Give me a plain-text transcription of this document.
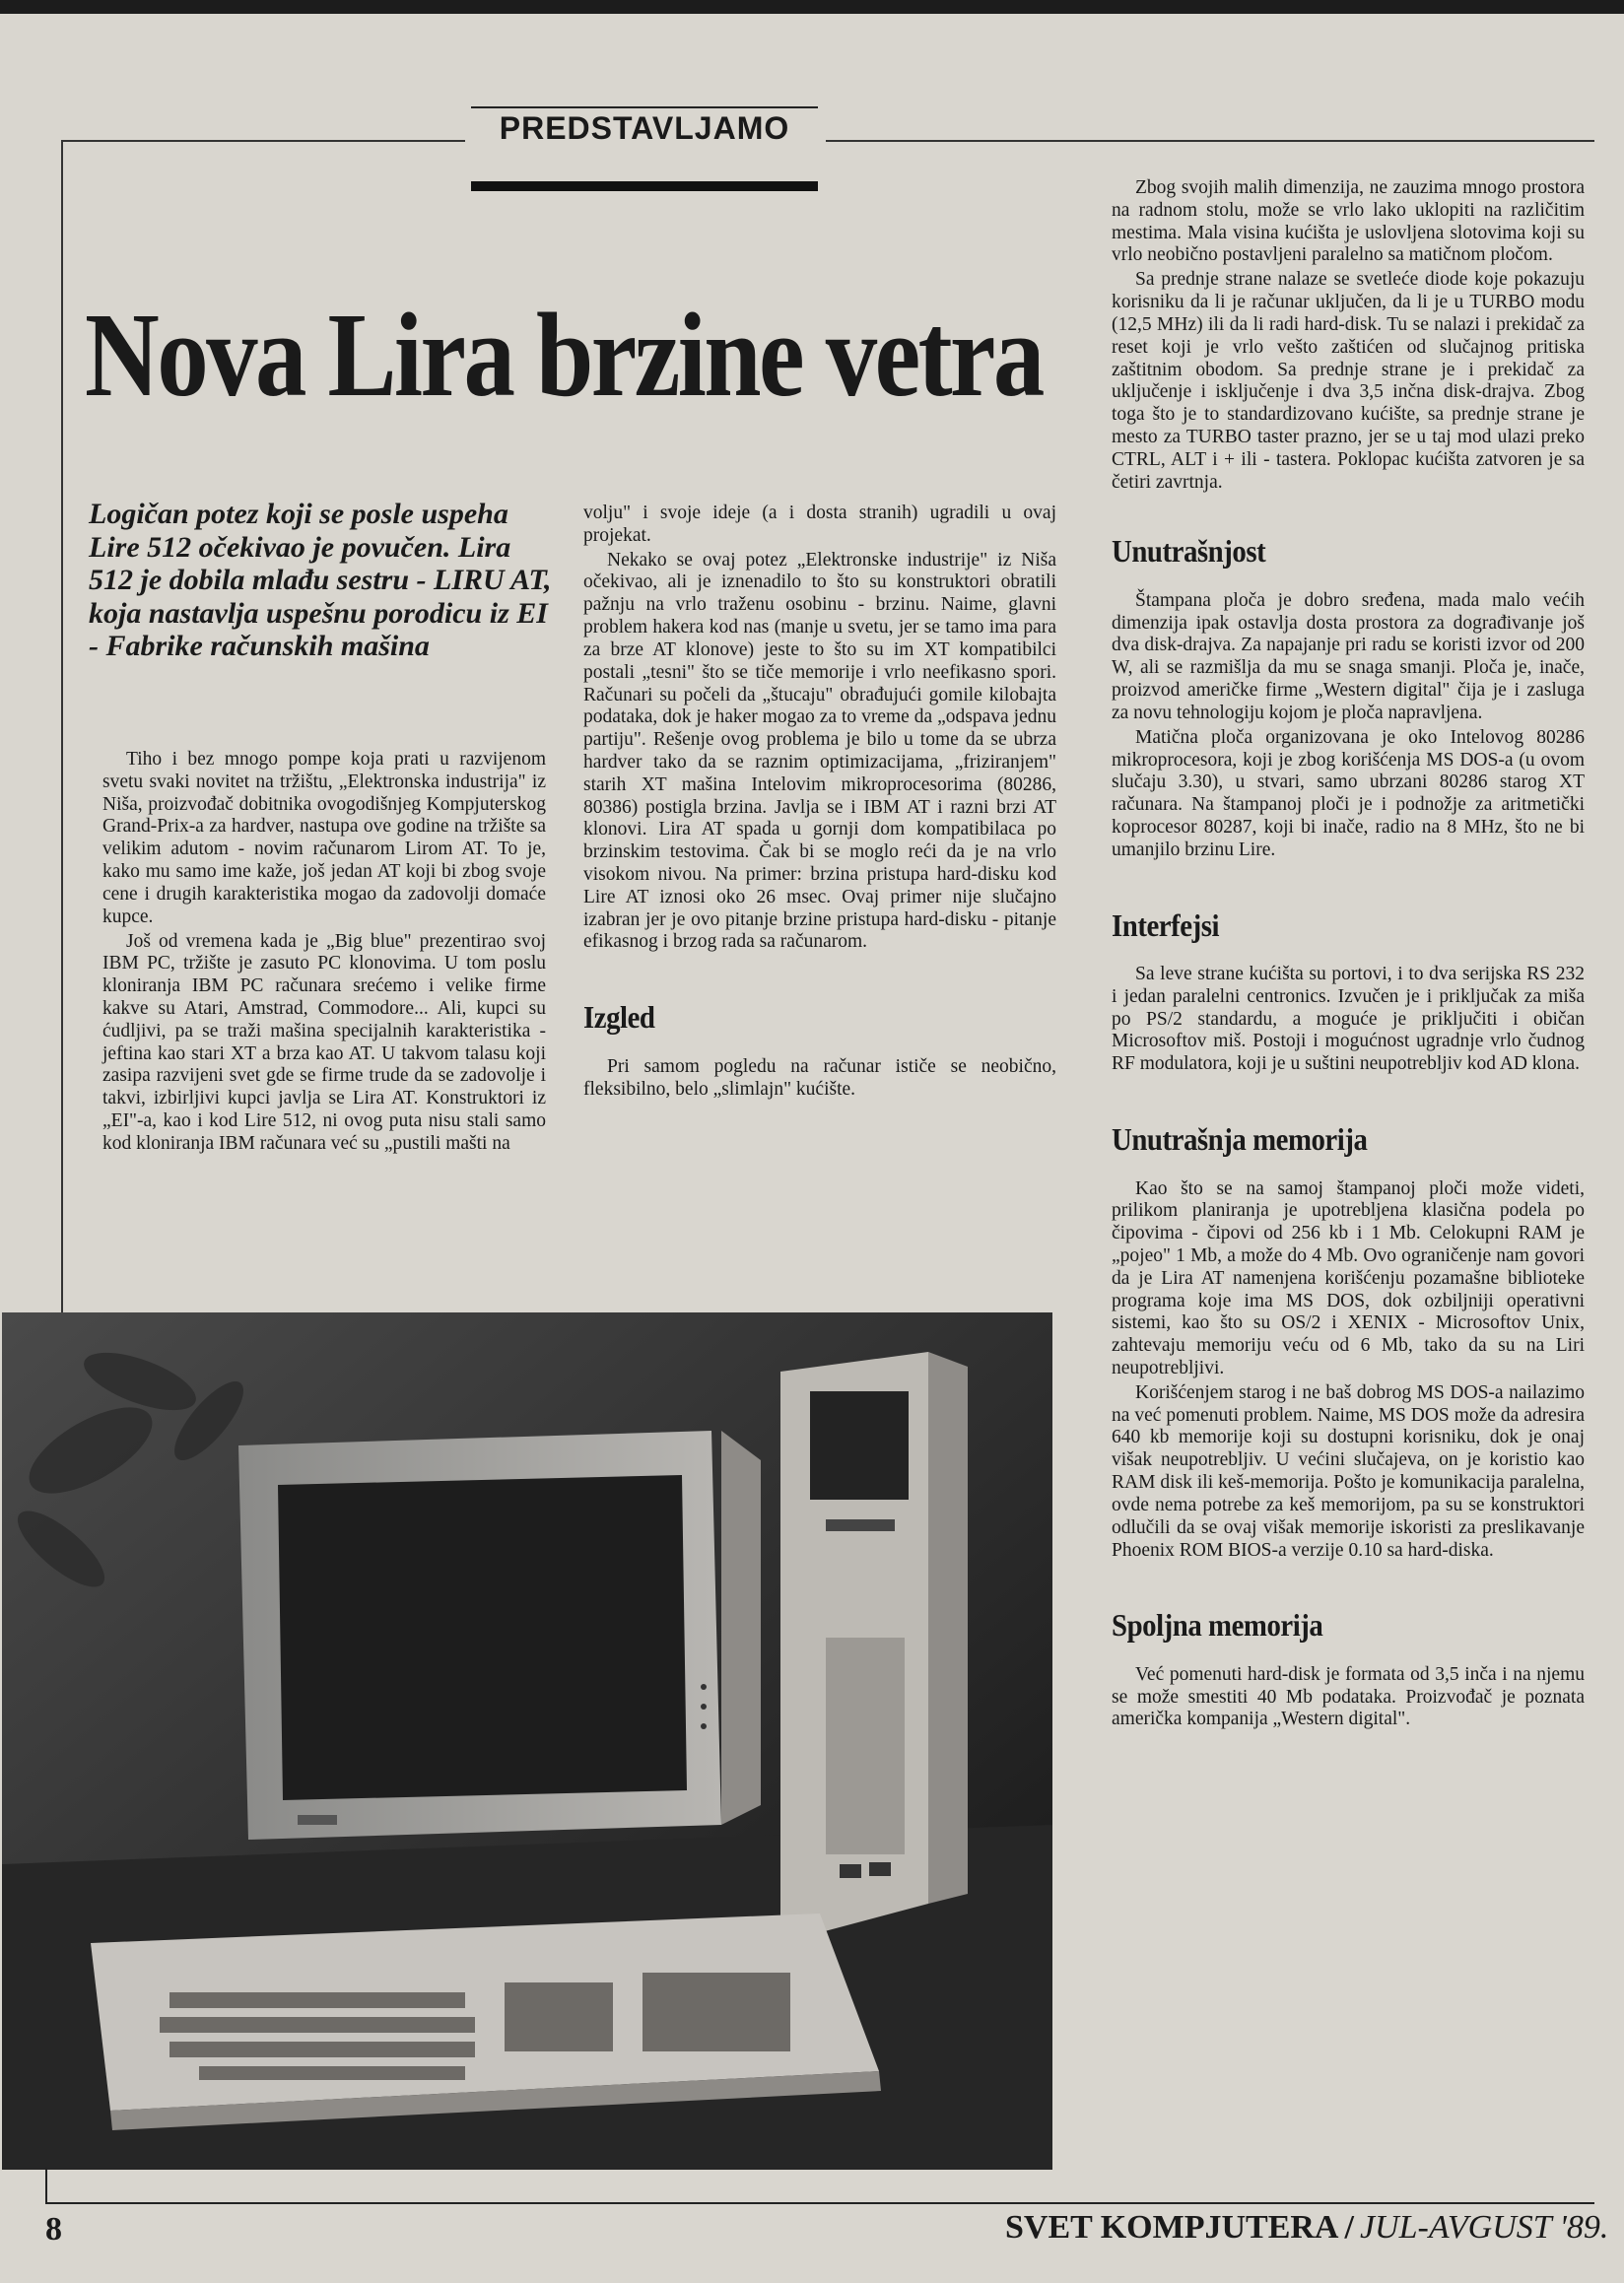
PREDSTAVLJAMO
Nova Lira brzine vetra
Logičan potez koji se posle uspeha Lire 512 očekivao je povučen. Lira 512 je dobila mlađu sestru - LIRU AT, koja nastavlja uspešnu porodicu iz EI - Fabrike računskih mašina

Tiho i bez mnogo pompe koja prati u razvijenom svetu svaki novitet na tržištu, „Elektronska industrija" iz Niša, proizvođač dobitnika ovogodišnjeg Kompjuterskog Grand-Prix-a za hardver, nastupa ove godine na tržište sa velikim adutom - novim računarom Lirom AT. To je, kako mu samo ime kaže, još jedan AT koji bi zbog svoje cene i drugih karakteristika mogao da zadovolji domaće kupce.

Još od vremena kada je „Big blue" prezentirao svoj IBM PC, tržište je zasuto PC klonovima. U tom poslu kloniranja IBM PC računara srećemo i velike firme kakve su Atari, Amstrad, Commodore... Ali, kupci su ćudljivi, pa se traži mašina specijalnih karakteristika - jeftina kao stari XT a brza kao AT. U takvom talasu koji zasipa razvijeni svet gde se firme trude da se zadovolje i takvi, izbirljivi kupci javlja se Lira AT. Konstruktori iz „EI"-a, kao i kod Lire 512, ni ovog puta nisu stali samo kod kloniranja IBM računara već su „pustili mašti na

volju" i svoje ideje (a i dosta stranih) ugradili u ovaj projekat.

Nekako se ovaj potez „Elektronske industrije" iz Niša očekivao, ali je iznenadilo to što su konstruktori obratili pažnju na vrlo traženu osobinu - brzinu. Naime, glavni problem hakera kod nas (manje u svetu, jer se tamo ima para za brze AT klonove) jeste to što su im XT kompatibilci postali „tesni" što se tiče memorije i vrlo neefikasno spori. Računari su počeli da „štucaju" obrađujući gomile kilobajta podataka, dok je haker mogao za to vreme da „odspava jednu partiju". Rešenje ovog problema je bilo u tome da se ubrza hardver tako da se raznim optimizacijama, „friziranjem" starih XT mašina Intelovim mikroprocesorima (80286, 80386) postigla brzina. Javlja se i IBM AT i razni brzi AT klonovi. Lira AT spada u gornji dom kompatibilaca po brzinskim testovima. Čak bi se moglo reći da je na vrlo visokom nivou. Na primer: brzina pristupa hard-disku kod Lire AT iznosi oko 26 msec. Ovaj primer nije slučajno izabran jer je ovo pitanje brzine pristupa hard-disku - pitanje efikasnog i brzog rada sa računarom.

Izgled

Pri samom pogledu na računar ističe se neobično, fleksibilno, belo „slimlajn" kućište.

Zbog svojih malih dimenzija, ne zauzima mnogo prostora na radnom stolu, može se vrlo lako uklopiti na različitim mestima. Mala visina kućišta je uslovljena slotovima koji su vrlo neobično postavljeni paralelno sa matičnom pločom.

Sa prednje strane nalaze se svetleće diode koje pokazuju korisniku da li je računar uključen, da li je u TURBO modu (12,5 MHz) ili da li radi hard-disk. Tu se nalazi i prekidač za reset koji je vrlo vešto zaštićen od slučajnog pritiska zaštitnim obodom. Sa prednje strane je i prekidač za uključenje i isključenje i dva 3,5 inčna disk-drajva. Zbog toga što je to standardizovano kućište, sa prednje strane je mesto za TURBO taster prazno, jer se u taj mod ulazi preko CTRL, ALT i + ili - tastera. Poklopac kućišta zatvoren je sa četiri zavrtnja.

Unutrašnjost

Štampana ploča je dobro sređena, mada malo većih dimenzija ipak ostavlja dosta prostora za dograđivanje još dva disk-drajva. Za napajanje pri radu se koristi izvor od 200 W, ali se razmišlja da mu se snaga smanji. Ploča je, inače, proizvod američke firme „Western digital" čija je i zasluga za novu tehnologiju kojom je ploča napravljena.

Matična ploča organizovana je oko Intelovog 80286 mikroprocesora, koji je zbog korišćenja MS DOS-a (u ovom slučaju 3.30), u stvari, samo ubrzani 80286 starog XT računara. Na štampanoj ploči je i podnožje za aritmetički koprocesor 80287, koji bi inače, radio na 8 MHz, što ne bi umanjilo brzinu Lire.

Interfejsi

Sa leve strane kućišta su portovi, i to dva serijska RS 232 i jedan paralelni centronics. Izvučen je i priključak za miša po PS/2 standardu, a moguće je priključiti i običan Microsoftov miš. Postoji i mogućnost ugradnje vrlo čudnog RF modulatora, koji je u suštini neupotrebljiv kod AD klona.

Unutrašnja memorija

Kao što se na samoj štampanoj ploči može videti, prilikom planiranja je upotrebljena klasična podela po čipovima - čipovi od 256 kb i 1 Mb. Celokupni RAM je „pojeo" 1 Mb, a može do 4 Mb. Ovo ograničenje nam govori da je Lira AT namenjena korišćenju pozamašne biblioteke programa koje ima MS DOS, dok ozbiljniji operativni sistemi, kao što su OS/2 i XENIX - Microsoftov Unix, zahtevaju memoriju veću od 6 Mb, tako da su na Liri neupotrebljivi.

Korišćenjem starog i ne baš dobrog MS DOS-a nailazimo na već pomenuti problem. Naime, MS DOS može da adresira 640 kb memorije koji su dostupni korisniku, dok je onaj višak neupotrebljiv. U većini slučajeva, on je koristio kao RAM disk ili keš-memorija. Pošto je komunikacija paralelna, ovde nema potrebe za keš memorijom, pa su se konstruktori odlučili da se ovaj višak memorije iskoristi za preslikavanje Phoenix ROM BIOS-a verzije 0.10 sa hard-diska.

Spoljna memorija

Već pomenuti hard-disk je formata od 3,5 inča i na njemu se može smestiti 40 Mb podataka. Proizvođač je poznata američka kompanija „Western digital".

8	SVET KOMPJUTERA / JUL-AVGUST '89.
